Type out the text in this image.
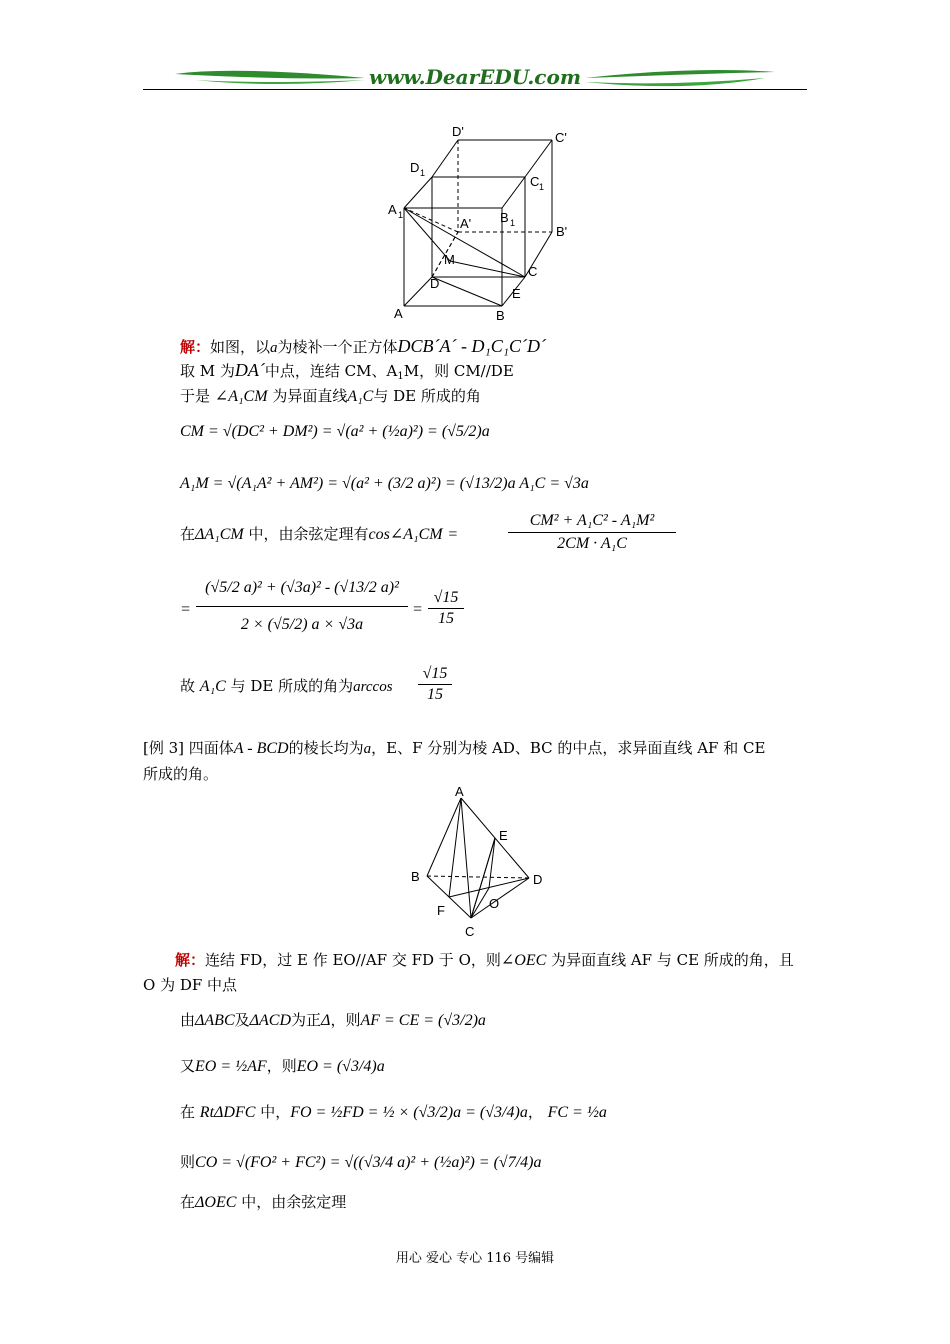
www.DearEDU.com
D'	C'
D 1
C 1
A 1
A' B 1
B'
M
C
D
E
A	B
解：如图，以a为棱补一个正方体DCB´A´ - D₁C₁C´D´
取 M 为DA´中点，连结 CM、$A_1M$，则 CM//DE
于是 ∠A₁CM 为异面直线A₁C与 DE 所成的角
CM = √(DC² + DM²) = √(a² + (½a)²) = (√5/2)a
A₁M = √(A₁A² + AM²) = √(a² + (3/2 a)²) = (√13/2)a A₁C = √3a
在ΔA₁CM 中，由余弦定理有cos∠A₁CM =	$\frac{\text{CM² + A₁C² - A₁M²}}{\text{2CM · A₁C}}$
= $\frac{\text{(√5/2 a)² + (√3a)² - (√13/2 a)²}}{2 \times (√5/2) a \times √3a} = \frac{√15}{15}$
故 A₁C 与 DE 所成的角为$\arccos \frac{√15}{15}$
[例 3] 四面体A - BCD的棱长均为a，E、F 分别为棱 AD、BC 的中点，求异面直线 AF 和 CE
所成的角。
A
E
B	D
O
F
C
解：连结 FD，过 E 作 EO//AF 交 FD 于 O，则∠OEC 为异面直线 AF 与 CE 所成的角，且
O 为 DF 中点
由ΔABC及ΔACD为正Δ，则AF = CE = (√3/2)a
又EO = ½AF，则EO = (√3/4)a
在 RtΔDFC 中，FO = ½FD = ½ × (√3/2)a = (√3/4)a， FC = ½a
则CO = √(FO² + FC²) = √((√3/4 a)² + (½a)²) = (√7/4)a
在ΔOEC 中，由余弦定理
用心 爱心 专心 116 号编辑
